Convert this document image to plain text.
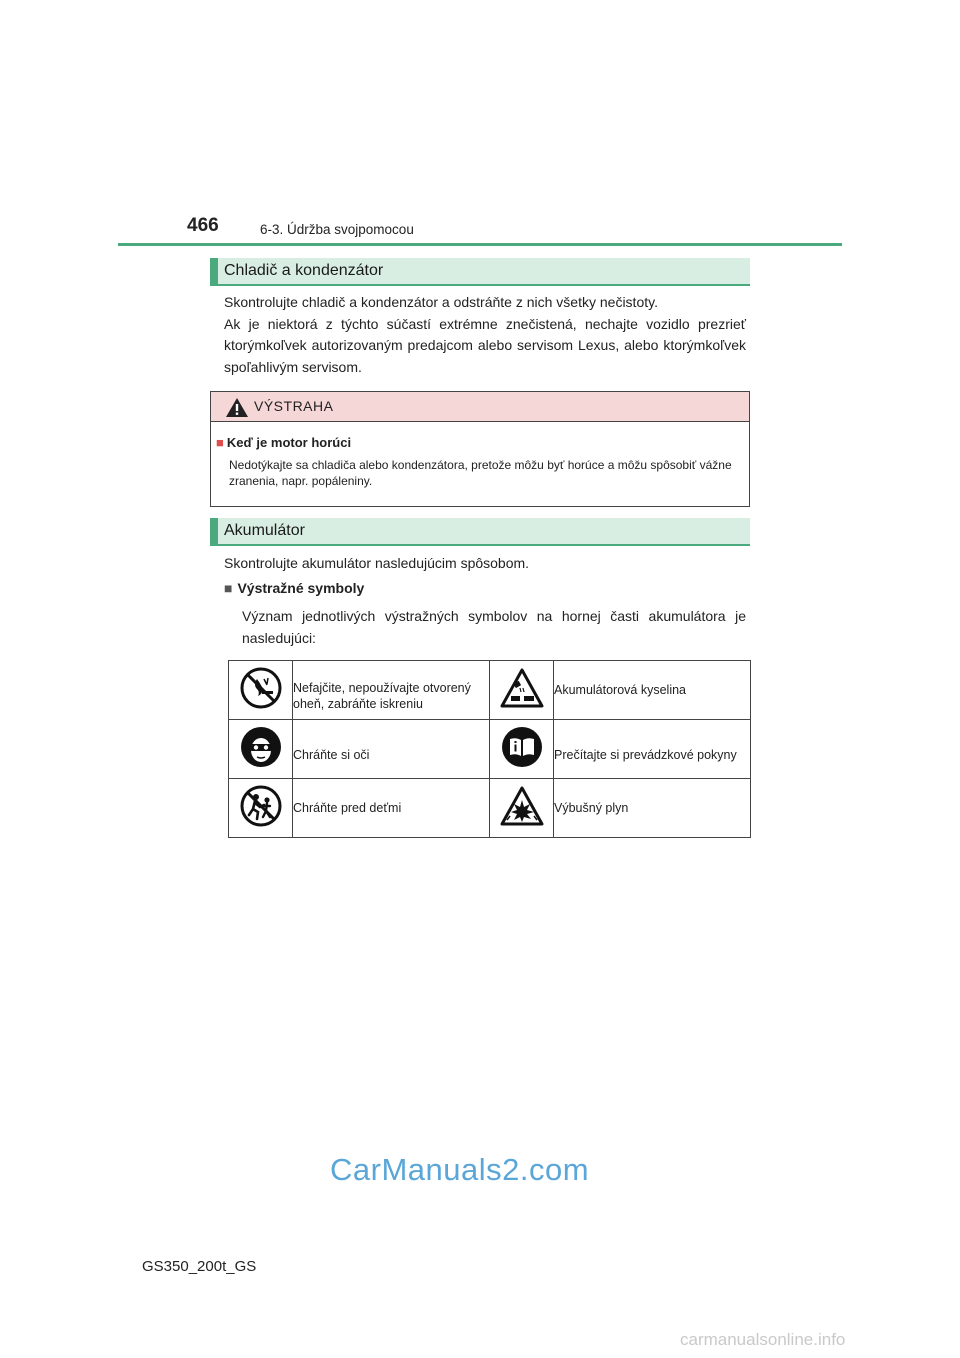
466	6-3. Údržba svojpomocou
Chladič a kondenzátor
Skontrolujte chladič a kondenzátor a odstráňte z nich všetky nečistoty.
Ak je niektorá z týchto súčastí extrémne znečistená, nechajte vozidlo prezrieť ktorýmkoľvek autorizovaným predajcom alebo servisom Lexus, alebo ktorýmkoľvek spoľahlivým servisom.
VÝSTRAHA
■ Keď je motor horúci
Nedotýkajte sa chladiča alebo kondenzátora, pretože môžu byť horúce a môžu spôsobiť vážne zranenia, napr. popáleniny.
Akumulátor
Skontrolujte akumulátor nasledujúcim spôsobom.
■ Výstražné symboly
Význam jednotlivých výstražných symbolov na hornej časti akumulátora je nasledujúci:

Nefajčite, nepoužívajte otvorený oheň, zabráňte iskreniu		Akumulátorová kyselina

Chráňte si oči		Prečítajte si prevádzkové pokyny

Chráňte pred deťmi		Výbušný plyn
CarManuals2.com
GS350_200t_GS
carmanualsonline.info
